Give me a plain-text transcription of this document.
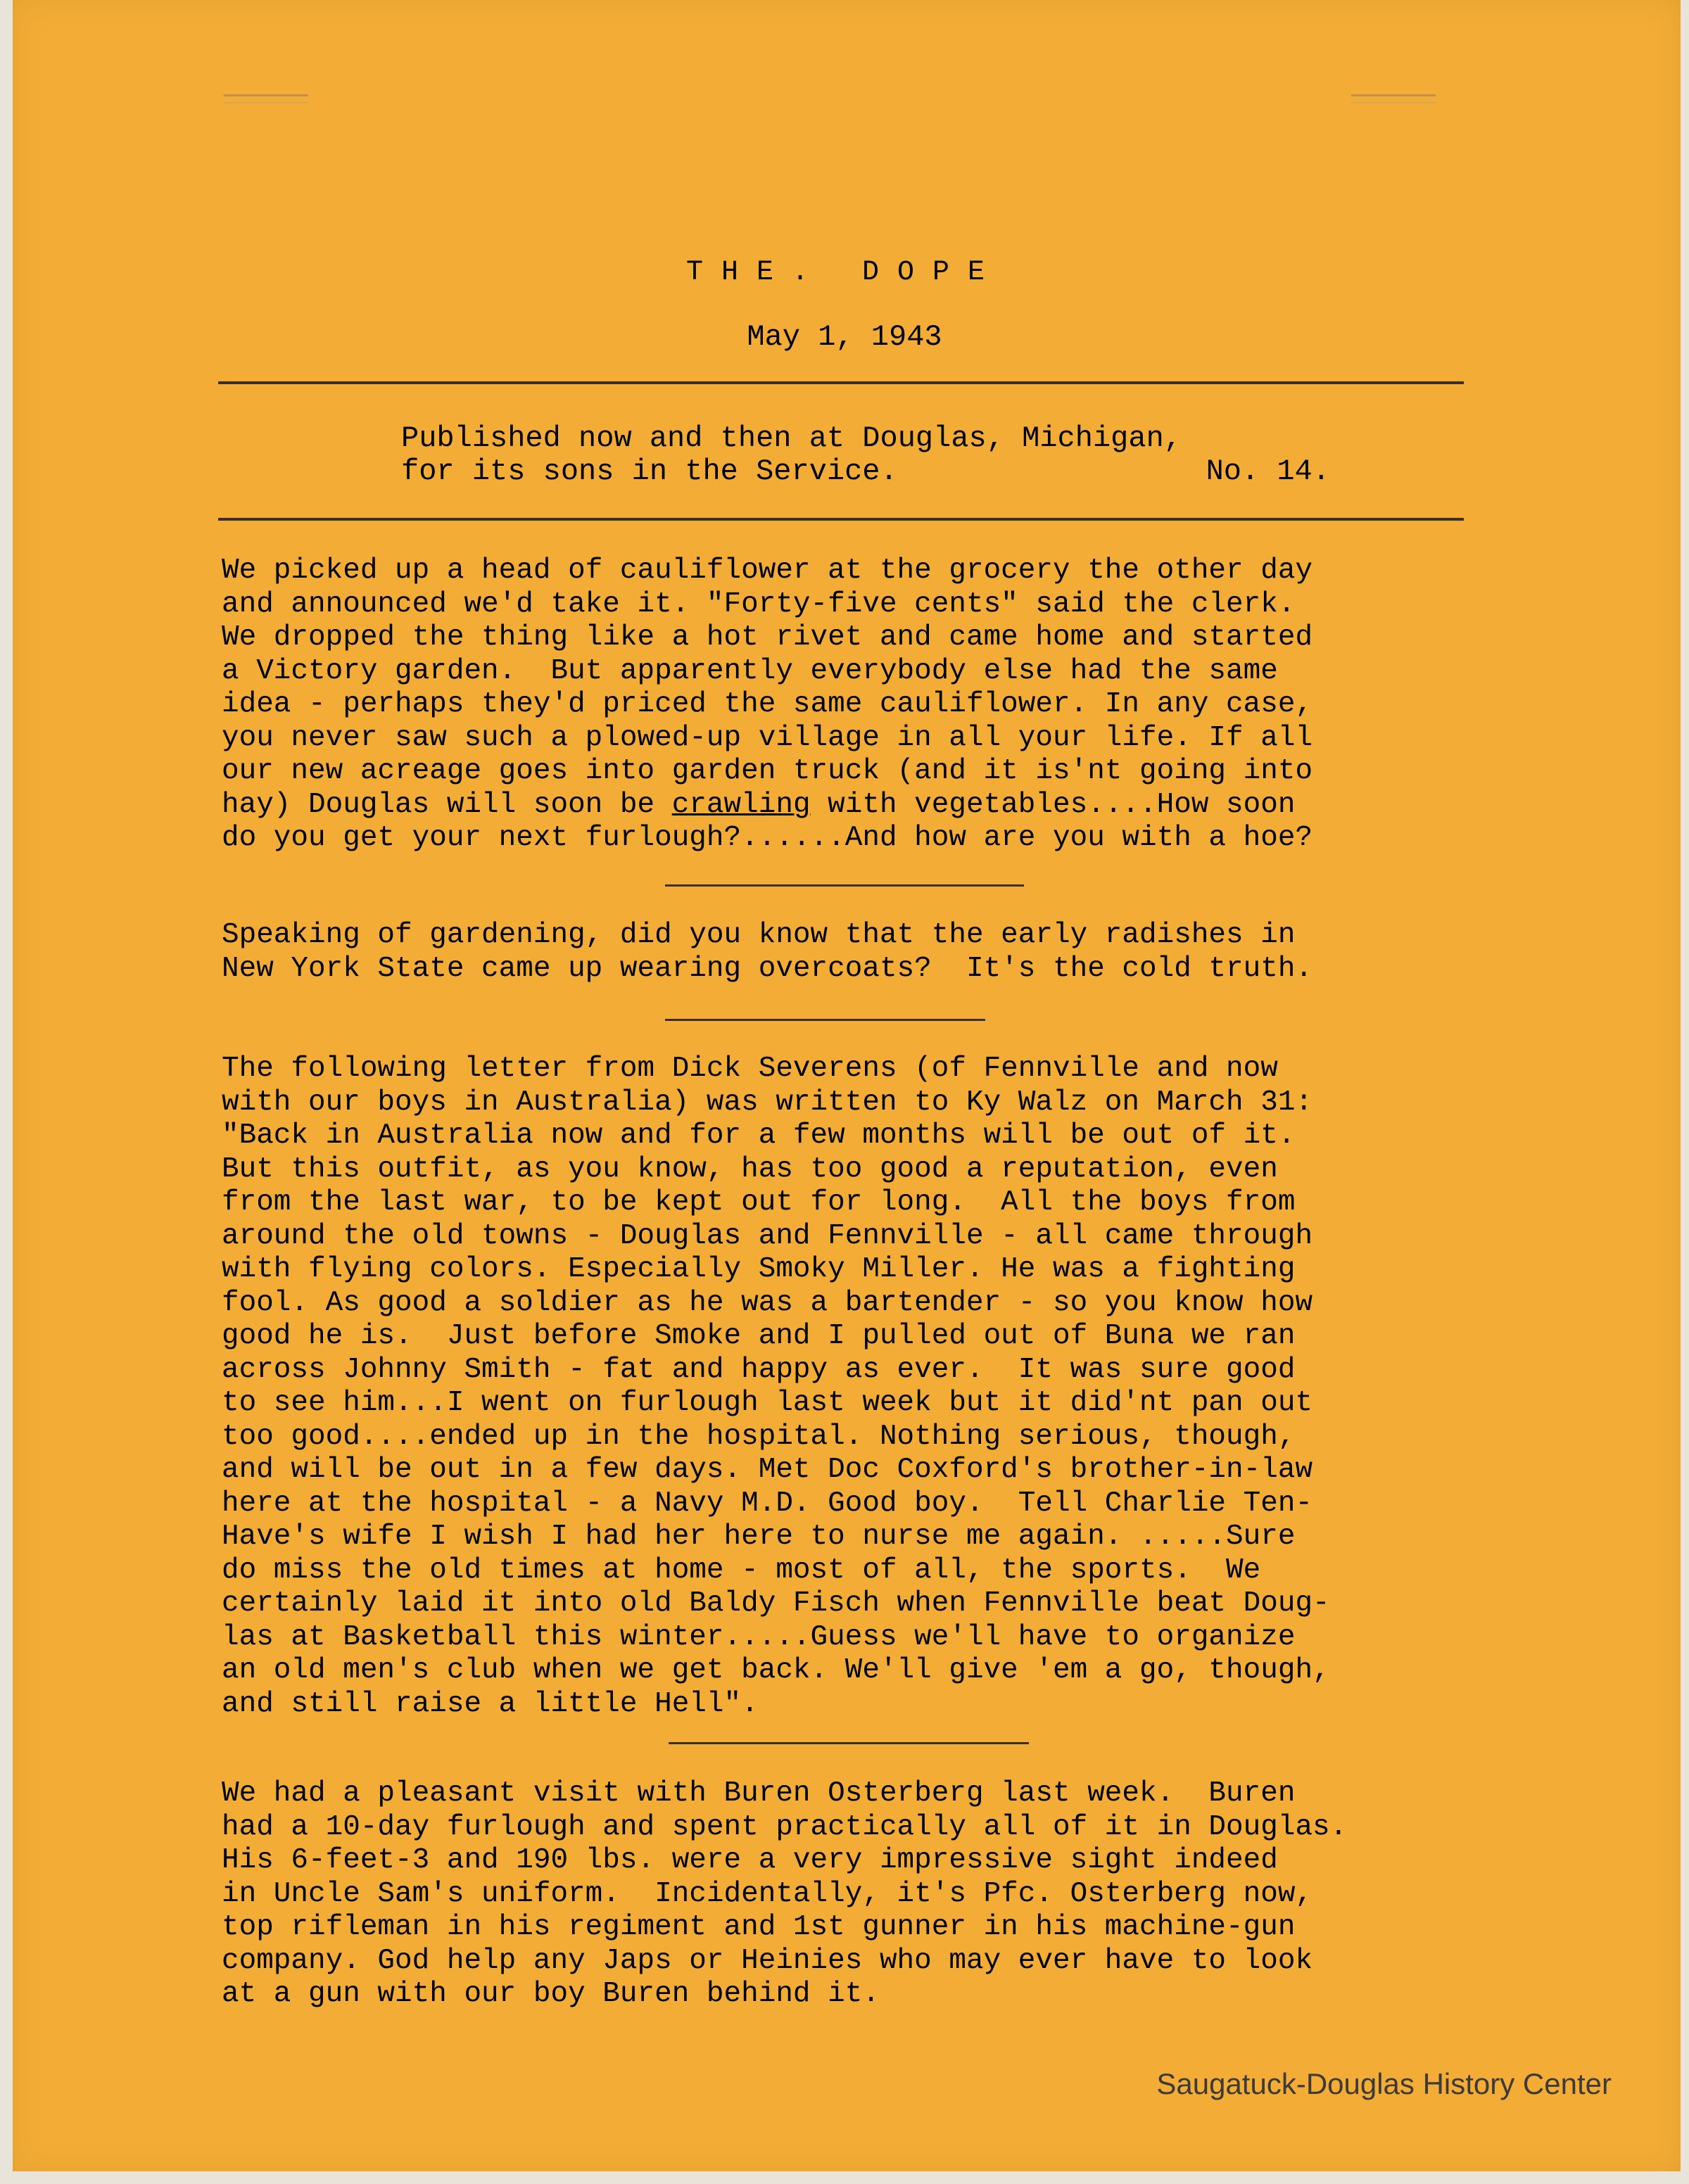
THE. DOPE
May 1, 1943
Published now and then at Douglas, Michigan,
for its sons in the Service.	No. 14.
We picked up a head of cauliflower at the grocery the other day
and announced we'd take it. "Forty-five cents" said the clerk.
We dropped the thing like a hot rivet and came home and started
a Victory garden.  But apparently everybody else had the same
idea - perhaps they'd priced the same cauliflower. In any case,
you never saw such a plowed-up village in all your life. If all
our new acreage goes into garden truck (and it is'nt going into
hay) Douglas will soon be crawling with vegetables....How soon
do you get your next furlough?......And how are you with a hoe?
Speaking of gardening, did you know that the early radishes in
New York State came up wearing overcoats?  It's the cold truth.
The following letter from Dick Severens (of Fennville and now
with our boys in Australia) was written to Ky Walz on March 31:
"Back in Australia now and for a few months will be out of it.
But this outfit, as you know, has too good a reputation, even
from the last war, to be kept out for long.  All the boys from
around the old towns - Douglas and Fennville - all came through
with flying colors. Especially Smoky Miller. He was a fighting
fool. As good a soldier as he was a bartender - so you know how
good he is.  Just before Smoke and I pulled out of Buna we ran
across Johnny Smith - fat and happy as ever.  It was sure good
to see him...I went on furlough last week but it did'nt pan out
too good....ended up in the hospital. Nothing serious, though,
and will be out in a few days. Met Doc Coxford's brother-in-law
here at the hospital - a Navy M.D. Good boy.  Tell Charlie Ten-
Have's wife I wish I had her here to nurse me again. .....Sure
do miss the old times at home - most of all, the sports.  We
certainly laid it into old Baldy Fisch when Fennville beat Doug-
las at Basketball this winter.....Guess we'll have to organize
an old men's club when we get back. We'll give 'em a go, though,
and still raise a little Hell".
We had a pleasant visit with Buren Osterberg last week.  Buren
had a 10-day furlough and spent practically all of it in Douglas.
His 6-feet-3 and 190 lbs. were a very impressive sight indeed
in Uncle Sam's uniform.  Incidentally, it's Pfc. Osterberg now,
top rifleman in his regiment and 1st gunner in his machine-gun
company. God help any Japs or Heinies who may ever have to look
at a gun with our boy Buren behind it.
Saugatuck-Douglas History Center
